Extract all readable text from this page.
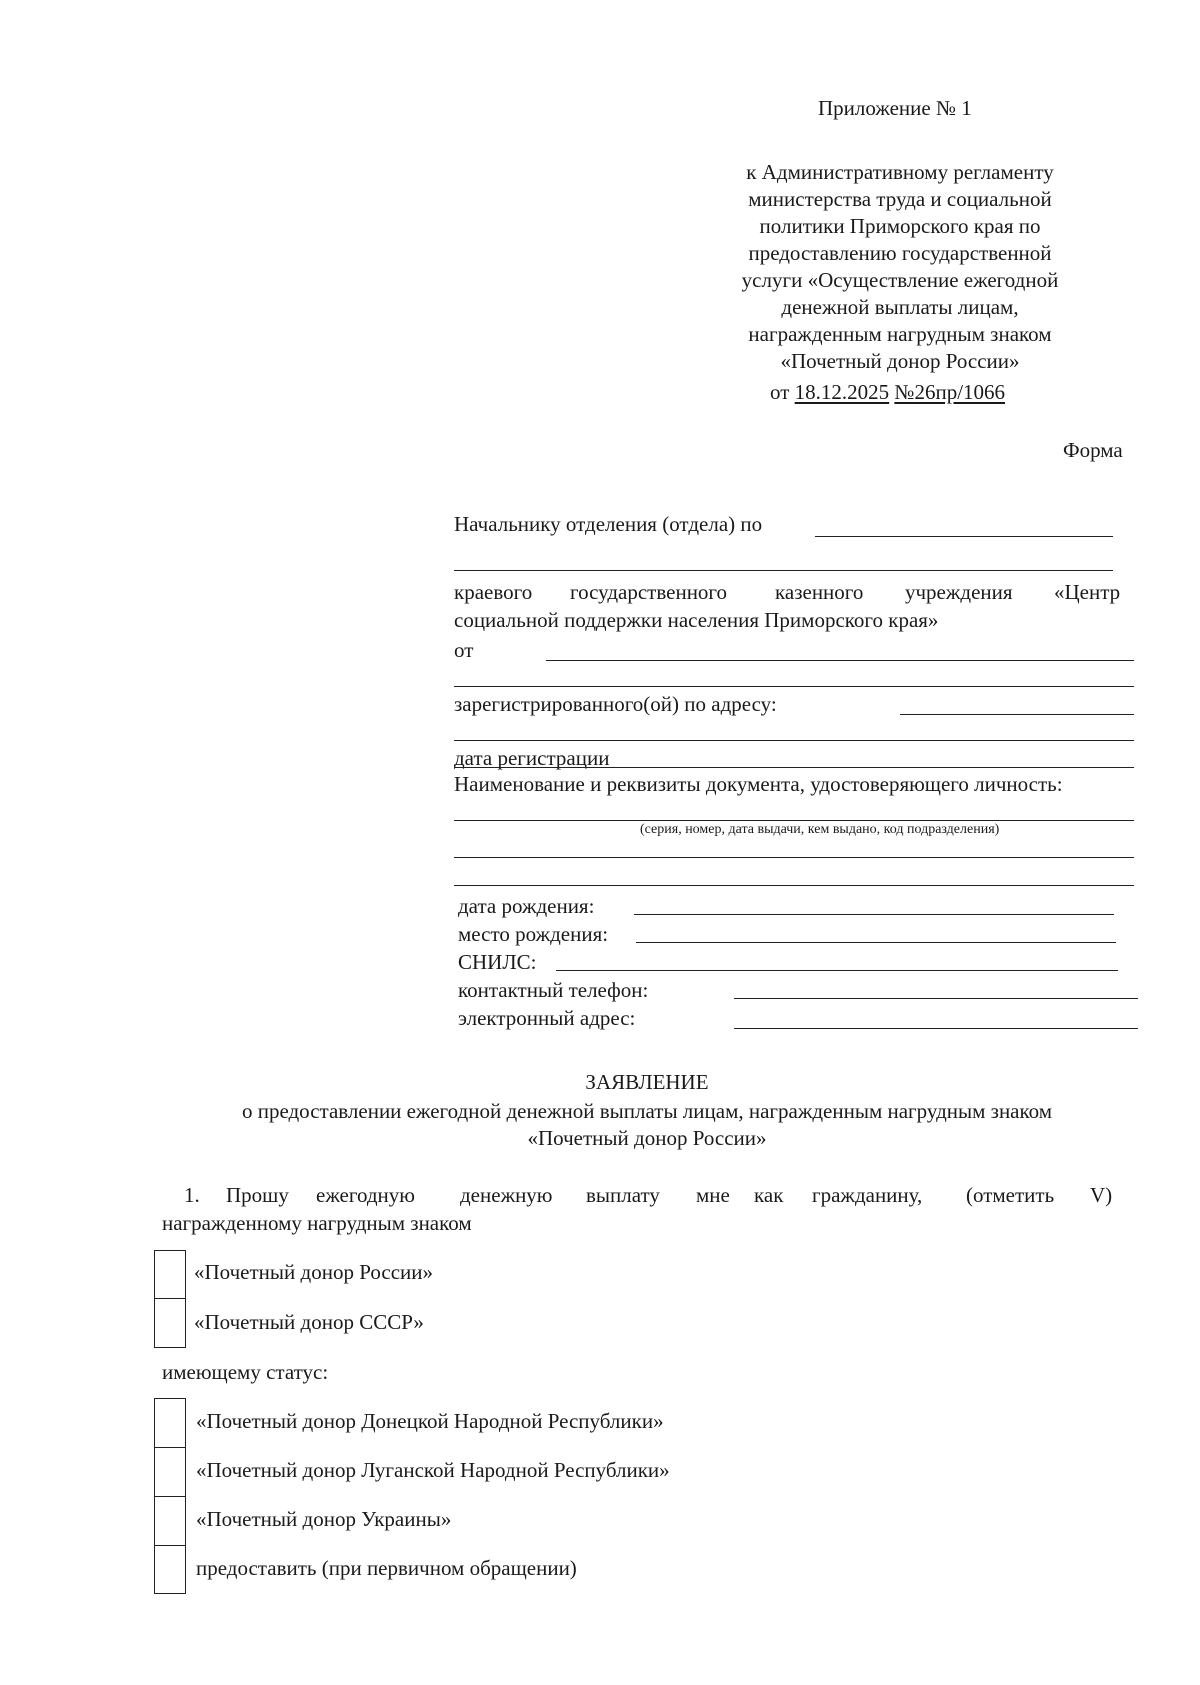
Приложение № 1
к Административному регламенту
министерства труда и социальной
политики Приморского края по
предоставлению государственной
услуги «Осуществление ежегодной
денежной выплаты лицам,
награжденным нагрудным знаком
«Почетный донор России»
от 18.12.2025 №26пр/1066
Форма
Начальнику отделения (отдела) по
краевого государственного казенного учреждения «Центр
социальной поддержки населения Приморского края»
от
зарегистрированного(ой) по адресу:
дата регистрации
Наименование и реквизиты документа, удостоверяющего личность:
(серия, номер, дата выдачи, кем выдано, код подразделения)
дата рождения:
место рождения:
СНИЛС:
контактный телефон:
электронный адрес:
ЗАЯВЛЕНИЕ
о предоставлении ежегодной денежной выплаты лицам, награжденным нагрудным знаком
«Почетный донор России»
1. Прошу ежегодную денежную выплату мне как гражданину, (отметить V)
награжденному нагрудным знаком
«Почетный донор России»
«Почетный донор СССР»
имеющему статус:
«Почетный донор Донецкой Народной Республики»
«Почетный донор Луганской Народной Республики»
«Почетный донор Украины»
предоставить (при первичном обращении)
